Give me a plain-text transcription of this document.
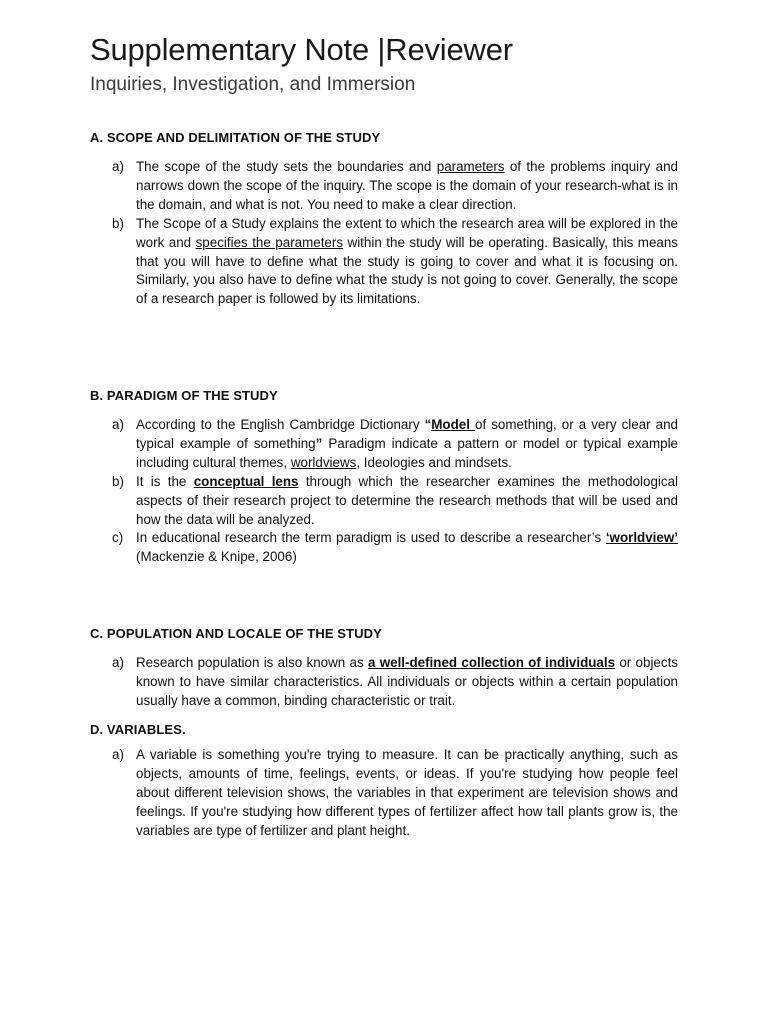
Supplementary Note |Reviewer
Inquiries, Investigation, and Immersion

A. SCOPE AND DELIMITATION OF THE STUDY

a) The scope of the study sets the boundaries and parameters of the problems inquiry and narrows down the scope of the inquiry. The scope is the domain of your research-what is in the domain, and what is not. You need to make a clear direction.
b) The Scope of a Study explains the extent to which the research area will be explored in the work and specifies the parameters within the study will be operating. Basically, this means that you will have to define what the study is going to cover and what it is focusing on. Similarly, you also have to define what the study is not going to cover. Generally, the scope of a research paper is followed by its limitations.

B. PARADIGM OF THE STUDY

a) According to the English Cambridge Dictionary “Model of something, or a very clear and typical example of something” Paradigm indicate a pattern or model or typical example including cultural themes, worldviews, Ideologies and mindsets.
b) It is the conceptual lens through which the researcher examines the methodological aspects of their research project to determine the research methods that will be used and how the data will be analyzed.
c) In educational research the term paradigm is used to describe a researcher’s ‘worldview’ (Mackenzie & Knipe, 2006)

C. POPULATION AND LOCALE OF THE STUDY

a) Research population is also known as a well-defined collection of individuals or objects known to have similar characteristics. All individuals or objects within a certain population usually have a common, binding characteristic or trait.

D. VARIABLES.

a) A variable is something you're trying to measure. It can be practically anything, such as objects, amounts of time, feelings, events, or ideas. If you're studying how people feel about different television shows, the variables in that experiment are television shows and feelings. If you're studying how different types of fertilizer affect how tall plants grow is, the variables are type of fertilizer and plant height.
